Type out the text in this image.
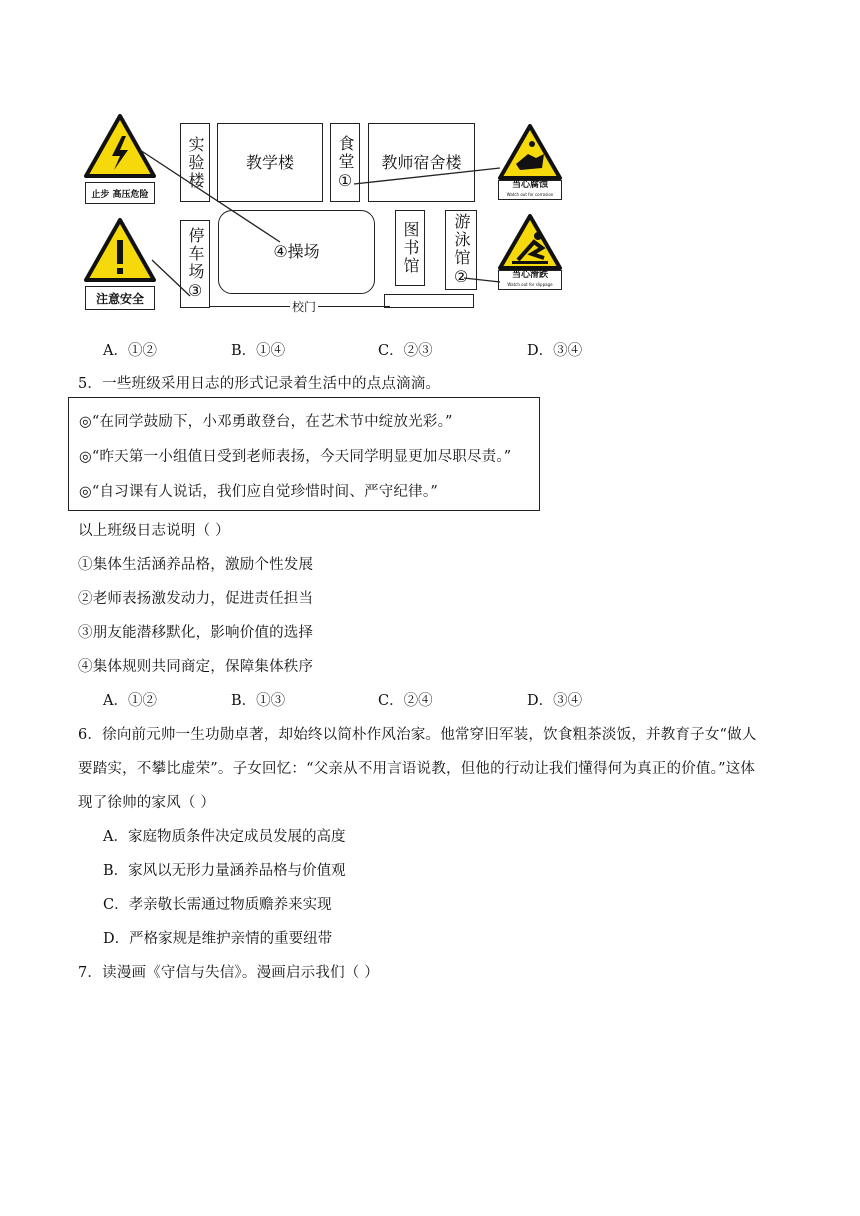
止步 高压危险
注意安全
当心腐蚀
Watch out for corrosion
当心滑跌
Watch out for slippage
实验楼	教学楼	食堂
①
教师宿舍楼
停车场
③
④操场	图书馆	游泳馆
②
校门
A．①②	B．①④	C．②③	D．③④
5．一些班级采用日志的形式记录着生活中的点点滴滴。
◎“在同学鼓励下，小邓勇敢登台，在艺术节中绽放光彩。”
◎“昨天第一小组值日受到老师表扬，今天同学明显更加尽职尽责。”
◎“自习课有人说话，我们应自觉珍惜时间、严守纪律。”
以上班级日志说明（ ）
①集体生活涵养品格，激励个性发展
②老师表扬激发动力，促进责任担当
③朋友能潜移默化，影响价值的选择
④集体规则共同商定，保障集体秩序
A．①②	B．①③	C．②④	D．③④
6．徐向前元帅一生功勋卓著，却始终以简朴作风治家。他常穿旧军装，饮食粗茶淡饭，并教育子女“做人
要踏实，不攀比虚荣”。子女回忆：“父亲从不用言语说教，但他的行动让我们懂得何为真正的价值。”这体
现了徐帅的家风（ ）
A．家庭物质条件决定成员发展的高度
B．家风以无形力量涵养品格与价值观
C．孝亲敬长需通过物质赡养来实现
D．严格家规是维护亲情的重要纽带
7．读漫画《守信与失信》。漫画启示我们（ ）
